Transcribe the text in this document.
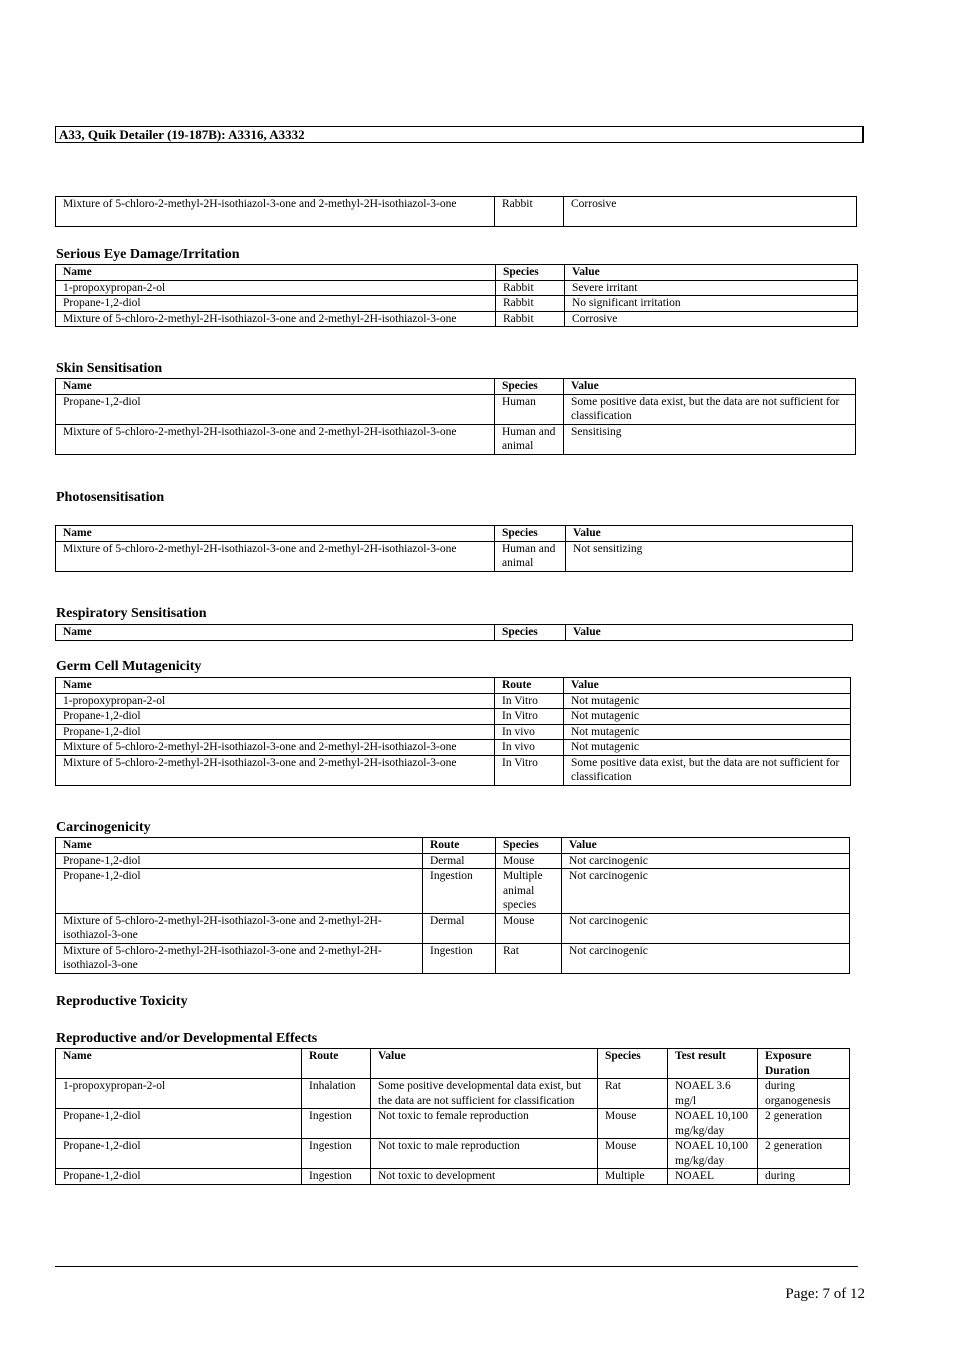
A33, Quik Detailer (19-187B): A3316, A3332
Mixture of 5-chloro-2-methyl-2H-isothiazol-3-one and 2-methyl-2H-isothiazol-3-one	Rabbit	Corrosive
Serious Eye Damage/Irritation
Name	Species	Value
1-propoxypropan-2-ol	Rabbit	Severe irritant
Propane-1,2-diol	Rabbit	No significant irritation
Mixture of 5-chloro-2-methyl-2H-isothiazol-3-one and 2-methyl-2H-isothiazol-3-one	Rabbit	Corrosive
Skin Sensitisation
Name	Species	Value
Propane-1,2-diol	Human	Some positive data exist, but the data are not sufficient for classification
Mixture of 5-chloro-2-methyl-2H-isothiazol-3-one and 2-methyl-2H-isothiazol-3-one	Human and animal	Sensitising
Photosensitisation
Name	Species	Value
Mixture of 5-chloro-2-methyl-2H-isothiazol-3-one and 2-methyl-2H-isothiazol-3-one	Human and animal	Not sensitizing
Respiratory Sensitisation
Name	Species	Value
Germ Cell Mutagenicity
Name	Route	Value
1-propoxypropan-2-ol	In Vitro	Not mutagenic
Propane-1,2-diol	In Vitro	Not mutagenic
Propane-1,2-diol	In vivo	Not mutagenic
Mixture of 5-chloro-2-methyl-2H-isothiazol-3-one and 2-methyl-2H-isothiazol-3-one	In vivo	Not mutagenic
Mixture of 5-chloro-2-methyl-2H-isothiazol-3-one and 2-methyl-2H-isothiazol-3-one	In Vitro	Some positive data exist, but the data are not sufficient for classification
Carcinogenicity
Name	Route	Species	Value
Propane-1,2-diol	Dermal	Mouse	Not carcinogenic
Propane-1,2-diol	Ingestion	Multiple animal species	Not carcinogenic
Mixture of 5-chloro-2-methyl-2H-isothiazol-3-one and 2-methyl-2H-isothiazol-3-one	Dermal	Mouse	Not carcinogenic
Mixture of 5-chloro-2-methyl-2H-isothiazol-3-one and 2-methyl-2H-isothiazol-3-one	Ingestion	Rat	Not carcinogenic
Reproductive Toxicity
Reproductive and/or Developmental Effects
Name	Route	Value	Species	Test result	Exposure Duration
1-propoxypropan-2-ol	Inhalation	Some positive developmental data exist, but the data are not sufficient for classification	Rat	NOAEL 3.6 mg/l	during organogenesis
Propane-1,2-diol	Ingestion	Not toxic to female reproduction	Mouse	NOAEL 10,100 mg/kg/day	2 generation
Propane-1,2-diol	Ingestion	Not toxic to male reproduction	Mouse	NOAEL 10,100 mg/kg/day	2 generation
Propane-1,2-diol	Ingestion	Not toxic to development	Multiple	NOAEL	during
Page: 7 of 12
